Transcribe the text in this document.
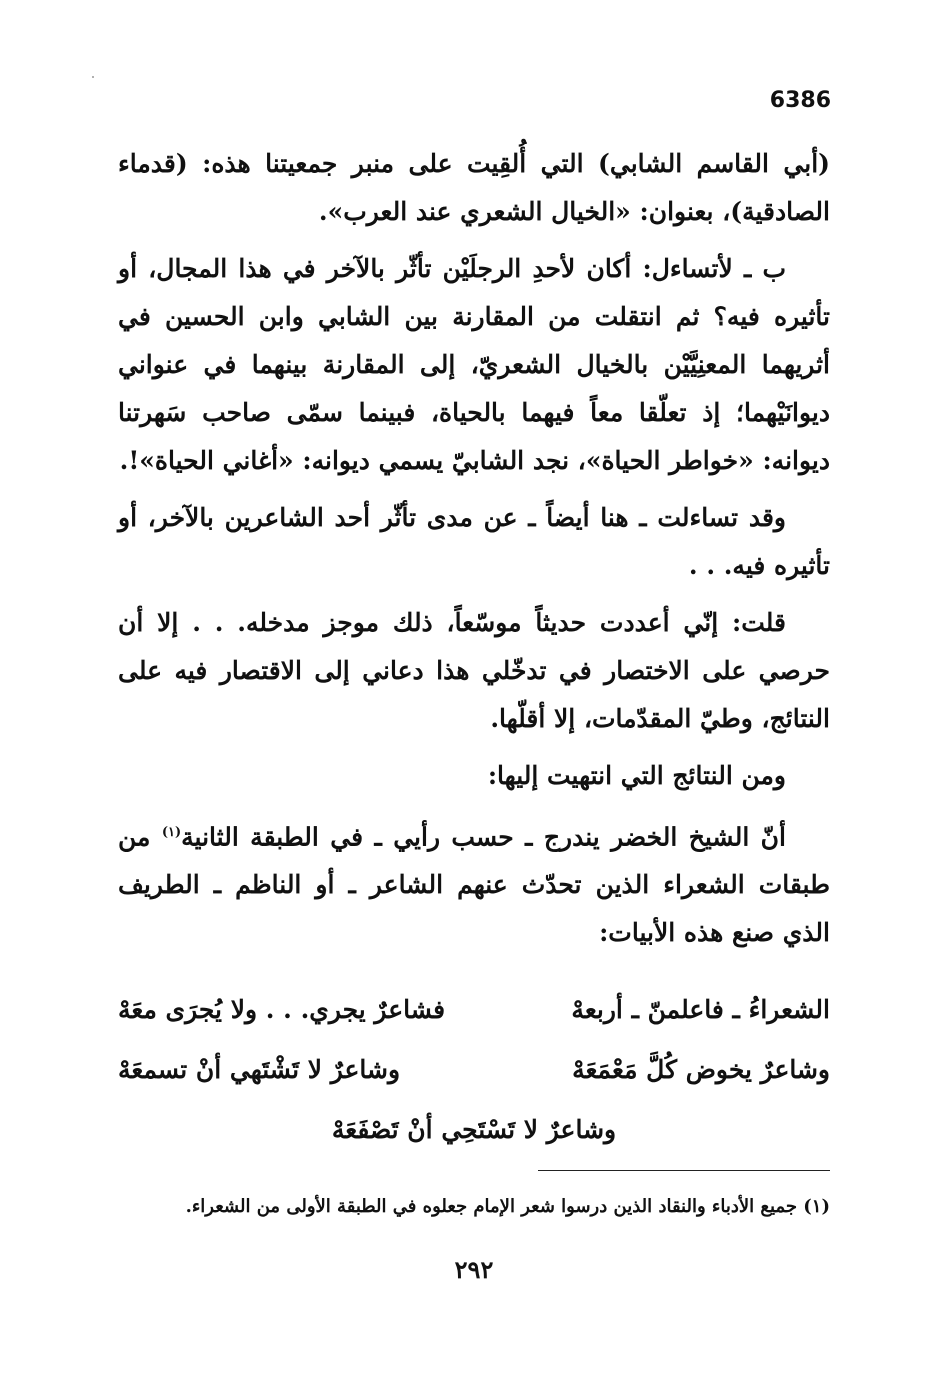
6386

(أبي القاسم الشابي) التي أُلقِيت على منبر جمعيتنا هذه: (قدماء الصادقية)، بعنوان: «الخيال الشعري عند العرب».

ب ـ لأتساءل: أكان لأحدِ الرجلَيْن تأثّر بالآخر في هذا المجال، أو تأثيره فيه؟ ثم انتقلت من المقارنة بين الشابي وابن الحسين في أثريهما المعنِيَّيْن بالخيال الشعريّ، إلى المقارنة بينهما في عنواني ديوانَيْهما؛ إذ تعلّقا معاً فيهما بالحياة، فبينما سمّى صاحب سَهرتنا ديوانه: «خواطر الحياة»، نجد الشابيّ يسمي ديوانه: «أغاني الحياة»!.

وقد تساءلت ـ هنا أيضاً ـ عن مدى تأثّر أحد الشاعرين بالآخر، أو تأثيره فيه. . .

قلت: إنّي أعددت حديثاً موسّعاً، ذلك موجز مدخله. . . إلا أن حرصي على الاختصار في تدخّلي هذا دعاني إلى الاقتصار فيه على النتائج، وطيّ المقدّمات، إلا أقلّها.

ومن النتائج التي انتهيت إليها:

أنّ الشيخ الخضر يندرج ـ حسب رأيي ـ في الطبقة الثانية$^{(١)}$ من طبقات الشعراء الذين تحدّث عنهم الشاعر ـ أو الناظم ـ الطريف الذي صنع هذه الأبيات:

الشعراءُ ـ فاعلمنّ ـ أربعهْ
فشاعرٌ يجري. . . ولا يُجرَى معَهْ
وشاعرٌ يخوض كُلَّ مَعْمَعَهْ
وشاعرٌ لا تَشْتَهي أنْ تسمعَهْ
وشاعرٌ لا تَسْتَحِي أنْ تَصْفَعَهْ
(١) جميع الأدباء والنقاد الذين درسوا شعر الإمام جعلوه في الطبقة الأولى من الشعراء.
٢٩٢
